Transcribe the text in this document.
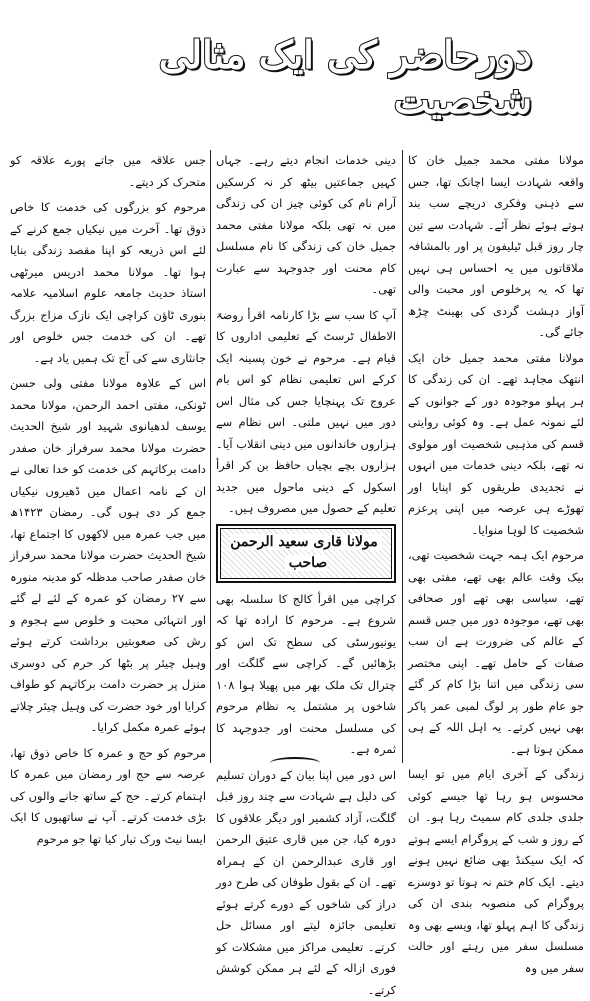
دورحاضر کی ایک مثالی شخصیت

مولانا مفتی محمد جمیل خان کا واقعہ شہادت ایسا اچانک تھا، جس سے ذہنی وفکری دریچے سب بند ہوتے ہوئے نظر آئے۔ شہادت سے تین چار روز قبل ٹیلیفون پر اور بالمشافہ ملاقاتوں میں یہ احساس ہی نہیں تھا کہ یہ پرخلوص اور محبت والی آواز دہشت گردی کی بھینٹ چڑھ جائے گی۔

مولانا مفتی محمد جمیل خان ایک انتھک مجاہد تھے۔ ان کی زندگی کا ہر پہلو موجودہ دور کے جوانوں کے لئے نمونہ عمل ہے۔ وہ کوئی روایتی قسم کی مذہبی شخصیت اور مولوی نہ تھے، بلکہ دینی خدمات میں انہوں نے تجدیدی طریقوں کو اپنایا اور تھوڑے ہی عرصہ میں اپنی پرعزم شخصیت کا لوہا منوایا۔

مرحوم ایک ہمہ جہت شخصیت تھی، بیک وقت عالم بھی تھے، مفتی بھی تھے، سیاسی بھی تھے اور صحافی بھی تھے، موجودہ دور میں جس قسم کے عالم کی ضرورت ہے ان سب صفات کے حامل تھے۔ اپنی مختصر سی زندگی میں اتنا بڑا کام کر گئے جو عام طور پر لوگ لمبی عمر پاکر بھی نہیں کرتے۔ یہ اہل اللہ کے ہی ممکن ہوتا ہے۔

زندگی کے آخری ایام میں تو ایسا محسوس ہو رہا تھا جیسے کوئی جلدی جلدی کام سمیٹ رہا ہو۔ ان کے روز و شب کے پروگرام ایسے ہوتے کہ ایک سیکنڈ بھی ضائع نہیں ہونے دیتے۔ ایک کام ختم نہ ہوتا تو دوسرے پروگرام کی منصوبہ بندی ان کی زندگی کا اہم پہلو تھا، ویسے بھی وہ مسلسل سفر میں رہتے اور حالت سفر میں وہ

دینی خدمات انجام دیتے رہے۔ جہاں کہیں جماعتیں بیٹھ کر نہ کرسکیں آرام نام کی کوئی چیز ان کی زندگی میں نہ تھی بلکہ مولانا مفتی محمد جمیل خان کی زندگی کا نام مسلسل کام محنت اور جدوجہد سے عبارت تھی۔

آپ کا سب سے بڑا کارنامہ اقرأ روضۃ الاطفال ٹرسٹ کے تعلیمی اداروں کا قیام ہے۔ مرحوم نے خون پسینہ ایک کرکے اس تعلیمی نظام کو اس بام عروج تک پہنچایا جس کی مثال اس دور میں نہیں ملتی۔ اس نظام سے ہزاروں خاندانوں میں دینی انقلاب آیا۔ ہزاروں بچے بچیاں حافظ بن کر اقرأ اسکول کے دینی ماحول میں جدید تعلیم کے حصول میں مصروف ہیں۔

مولانا قاری سعید الرحمن صاحب

کراچی میں اقرأ کالج کا سلسلہ بھی شروع ہے۔ مرحوم کا ارادہ تھا کہ یونیورسٹی کی سطح تک اس کو بڑھائیں گے۔ کراچی سے گلگت اور چترال تک ملک بھر میں پھیلا ہوا ۱۰۸ شاخوں پر مشتمل یہ نظام مرحوم کی مسلسل محنت اور جدوجہد کا ثمرہ ہے۔

اس دور میں اپنا بیان کے دوران تسلیم کی دلیل ہے شہادت سے چند روز قبل گلگت، آزاد کشمیر اور دیگر علاقوں کا دورہ کیا، جن میں قاری عتیق الرحمن اور قاری عبدالرحمن ان کے ہمراہ تھے۔ ان کے بقول طوفان کی طرح دور دراز کی شاخوں کے دورے کرتے ہوئے تعلیمی جائزہ لیتے اور مسائل حل کرتے۔ تعلیمی مراکز میں مشکلات کو فوری ازالہ کے لئے ہر ممکن کوشش کرتے۔

جس علاقہ میں جاتے پورے علاقہ کو متحرک کر دیتے۔

مرحوم کو بزرگوں کی خدمت کا خاص ذوق تھا۔ آخرت میں نیکیاں جمع کرنے کے لئے اس ذریعہ کو اپنا مقصد زندگی بنایا ہوا تھا۔ مولانا محمد ادریس میرٹھی استاذ حدیث جامعہ علوم اسلامیہ علامہ بنوری ٹاؤن کراچی ایک نازک مزاج بزرگ تھے۔ ان کی خدمت جس خلوص اور جانثاری سے کی آج تک ہمیں یاد ہے۔

اس کے علاوہ مولانا مفتی ولی حسن ٹونکی، مفتی احمد الرحمن، مولانا محمد یوسف لدھیانوی شہید اور شیخ الحدیث حضرت مولانا محمد سرفراز خان صفدر دامت برکاتہم کی خدمت کو خدا تعالی نے ان کے نامہ اعمال میں ڈھیروں نیکیاں جمع کر دی ہوں گی۔ رمضان ۱۴۲۳ھ میں جب عمرہ میں لاکھوں کا اجتماع تھا، شیخ الحدیث حضرت مولانا محمد سرفراز خان صفدر صاحب مدظلہ کو مدینہ منورہ سے ۲۷ رمضان کو عمرہ کے لئے لے گئے اور انتہائی محبت و خلوص سے ہجوم و رش کی صعوبتیں برداشت کرتے ہوئے وہیل چیئر پر بٹھا کر حرم کی دوسری منزل پر حضرت دامت برکاتہم کو طواف کرایا اور خود حضرت کی وہیل چیئر چلاتے ہوئے عمرہ مکمل کرایا۔

مرحوم کو حج و عمرہ کا خاص ذوق تھا، عرصہ سے حج اور رمضان میں عمرہ کا اہتمام کرتے۔ حج کے ساتھ جانے والوں کی بڑی خدمت کرتے۔ آپ نے ساتھیوں کا ایک ایسا نیٹ ورک تیار کیا تھا جو مرحوم
